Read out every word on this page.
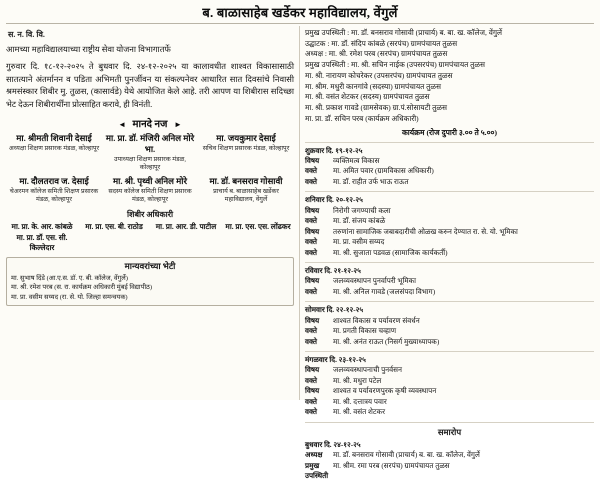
ब. बाळासाहेब खर्डेकर महाविद्यालय, वेंगुर्ले
स. न. वि. वि.
आमच्या महाविद्यालयाच्या राष्ट्रीय सेवा योजना विभागातर्फे
गुरुवार दि. १८-१२-२०२५ ते बुधवार दि. २४-१२-२०२५ या कालावधीत शाश्वत विकासासाठी सातत्याने अंतर्मानन व पडिता अभिमती पुनर्जीवन या संकल्पनेवर आधारित सात दिवसांचे निवासी श्रमसंस्कार शिबीर मु. तुळस, (कासार्वडे) येथे आयोजित केले आहे. तरी आपण या शिबीरास सदिच्छा भेट देऊन शिबीरार्थींना प्रोत्साहित करावे, ही विनंती.
◄ मानदे नज ►
मा. श्रीमती शिवानी देसाई
अध्यक्षा शिक्षण प्रसारक मंडळ, कोल्हापूर
मा. प्रा. डॉ. मंजिरी अनिल मोरे भा.
उपाध्यक्षा शिक्षण प्रसारक मंडळ, कोल्हापूर
मा. जयकुमार देसाई
सचिव शिक्षण प्रसारक मंडळ, कोल्हापूर
मा. दौलतराव ज. देसाई
चेअरमन कॉलेज समिती शिक्षण प्रसारक मंडळ, कोल्हापूर
मा. श्री. पृथ्वी अनिल मोरे
सदस्य कॉलेज समिती शिक्षण प्रसारक मंडळ, कोल्हापूर
मा. डॉ. बनसराव गोसावी
प्राचार्य ब. बाळासाहेब खर्डेकर महाविद्यालय, वेंगुर्ले
शिबीर अधिकारी
मा. प्रा. के. आर. कांबळे	मा. प्रा. एस. बी. राठोड	मा. प्रा. आर. डी. पाटील	मा. प्रा. एस. एस. लोंढकर
मा. प्रा. डॉ. एस. सी. किल्लेदार
मान्यवरांच्या भेटी
मा. सुभाष दिंडे (आ.ए.स. डॉ. ए. बी. कॉलेज, वेंगुर्ले)
मा. श्री. रमेश परब (स. रा. कार्यक्रम अधिकारी मुंबई विद्यापीठ)
मा. प्रा. वसीम सय्यद (रा. से. यो. जिल्हा समन्वयक)
प्रमुख उपस्थिती : मा. डॉ. बनसराव गोसावी (प्राचार्य) ब. बा. ख. कॉलेज, वेंगुर्ले
उद्घाटक : मा. डॉ. संदिप कांबळे (सरपंच) ग्रामपंचायत तुळस
अध्यक्ष : मा. श्री. रमेश परब (सरपंच) ग्रामपंचायत तुळस
प्रमुख उपस्थिती : मा. श्री. सचिन नाईक (उपसरपंच) ग्रामपंचायत तुळस
मा. श्री. नारायण कोचरेकर (उपसरपंच) ग्रामपंचायत तुळस
मा. श्रीम. मधुरी कानगांवे (सदस्या) ग्रामपंचायत तुळस
मा. श्री. वसंत शेटकर (सदस्य) ग्रामपंचायत तुळस
मा. श्री. प्रकाश गावडे (ग्रामसेवक) ग्रा.पं.सोसायटी तुळस
मा. प्रा. डॉ. सचिन परब (कार्यक्रम अधिकारी)
कार्यक्रम (रोज दुपारी ३.०० ते ५.००)
शुक्रवार दि. १९-१२-२५
विषय	व्यक्तिमत्व विकास
वक्ते	मा. अमित पवार (ग्रामविकास अधिकारी)
वक्ते	मा. डॉ. राहीत उर्फ भाऊ राऊत
शनिवार दि. २०-१२-२५
विषय	निरोगी जगण्याची कला
वक्ते	मा. डॉ. संजय कांबळे
विषय	तरुणांना सामाजिक जबाबदारीची ओळख करुन देण्यात रा. से. यो. भूमिका
वक्ते	मा. प्रा. वसीम सय्यद
वक्ते	मा. श्री. सुजाता पडवळ (सामाजिक कार्यकर्ती)
रविवार दि. २१-१२-२५
विषय	जलव्यवस्थापन पुनर्वापरी भूमिका
वक्ते	मा. श्री. अनिल गावडे (जलसंपदा विभाग)
सोमवार दि. २२-१२-२५
विषय	शाश्वत विकास व पर्यावरण संवर्धन
वक्ते	मा. प्रगती विकास चव्हाण
वक्ते	मा. श्री. अनंत राऊत (निसर्ग मुख्याध्यापक)
मंगळवार दि. २३-१२-२५
विषय	जलव्यवस्थापनाची पुनर्वसन
वक्ते	मा. श्री. मधुरा पटेल
विषय	शाश्वत व पर्यावरणपुरक कृषी व्यवस्थापन
वक्ते	मा. श्री. दत्तात्रय पवार
वक्ते	मा. श्री. वसंत शेटकर
समारोप
बुधवार दि. २४-१२-२५
अध्यक्ष	मा. डॉ. बनसराव गोसावी (प्राचार्य) ब. बा. ख. कॉलेज, वेंगुर्ले
प्रमुख उपस्थिती
मा. श्रीम. रमा परब (सरपंच) ग्रामपंचायत तुळस
